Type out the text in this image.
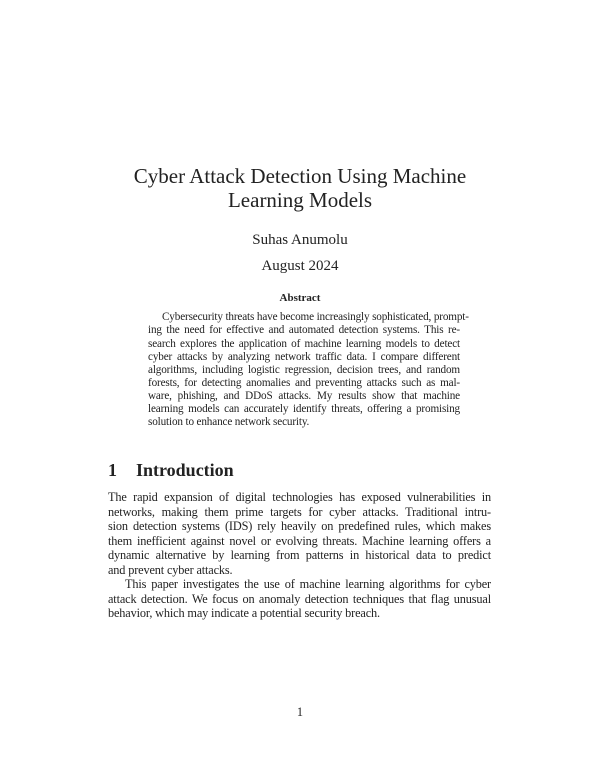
Cyber Attack Detection Using Machine
Learning Models
Suhas Anumolu
August 2024
Abstract
Cybersecurity threats have become increasingly sophisticated, prompt-
ing the need for effective and automated detection systems. This re-
search explores the application of machine learning models to detect
cyber attacks by analyzing network traffic data. I compare different
algorithms, including logistic regression, decision trees, and random
forests, for detecting anomalies and preventing attacks such as mal-
ware, phishing, and DDoS attacks. My results show that machine
learning models can accurately identify threats, offering a promising
solution to enhance network security.
1 Introduction
The rapid expansion of digital technologies has exposed vulnerabilities in
networks, making them prime targets for cyber attacks. Traditional intru-
sion detection systems (IDS) rely heavily on predefined rules, which makes
them inefficient against novel or evolving threats. Machine learning offers a
dynamic alternative by learning from patterns in historical data to predict
and prevent cyber attacks.
This paper investigates the use of machine learning algorithms for cyber
attack detection. We focus on anomaly detection techniques that flag unusual
behavior, which may indicate a potential security breach.
1
